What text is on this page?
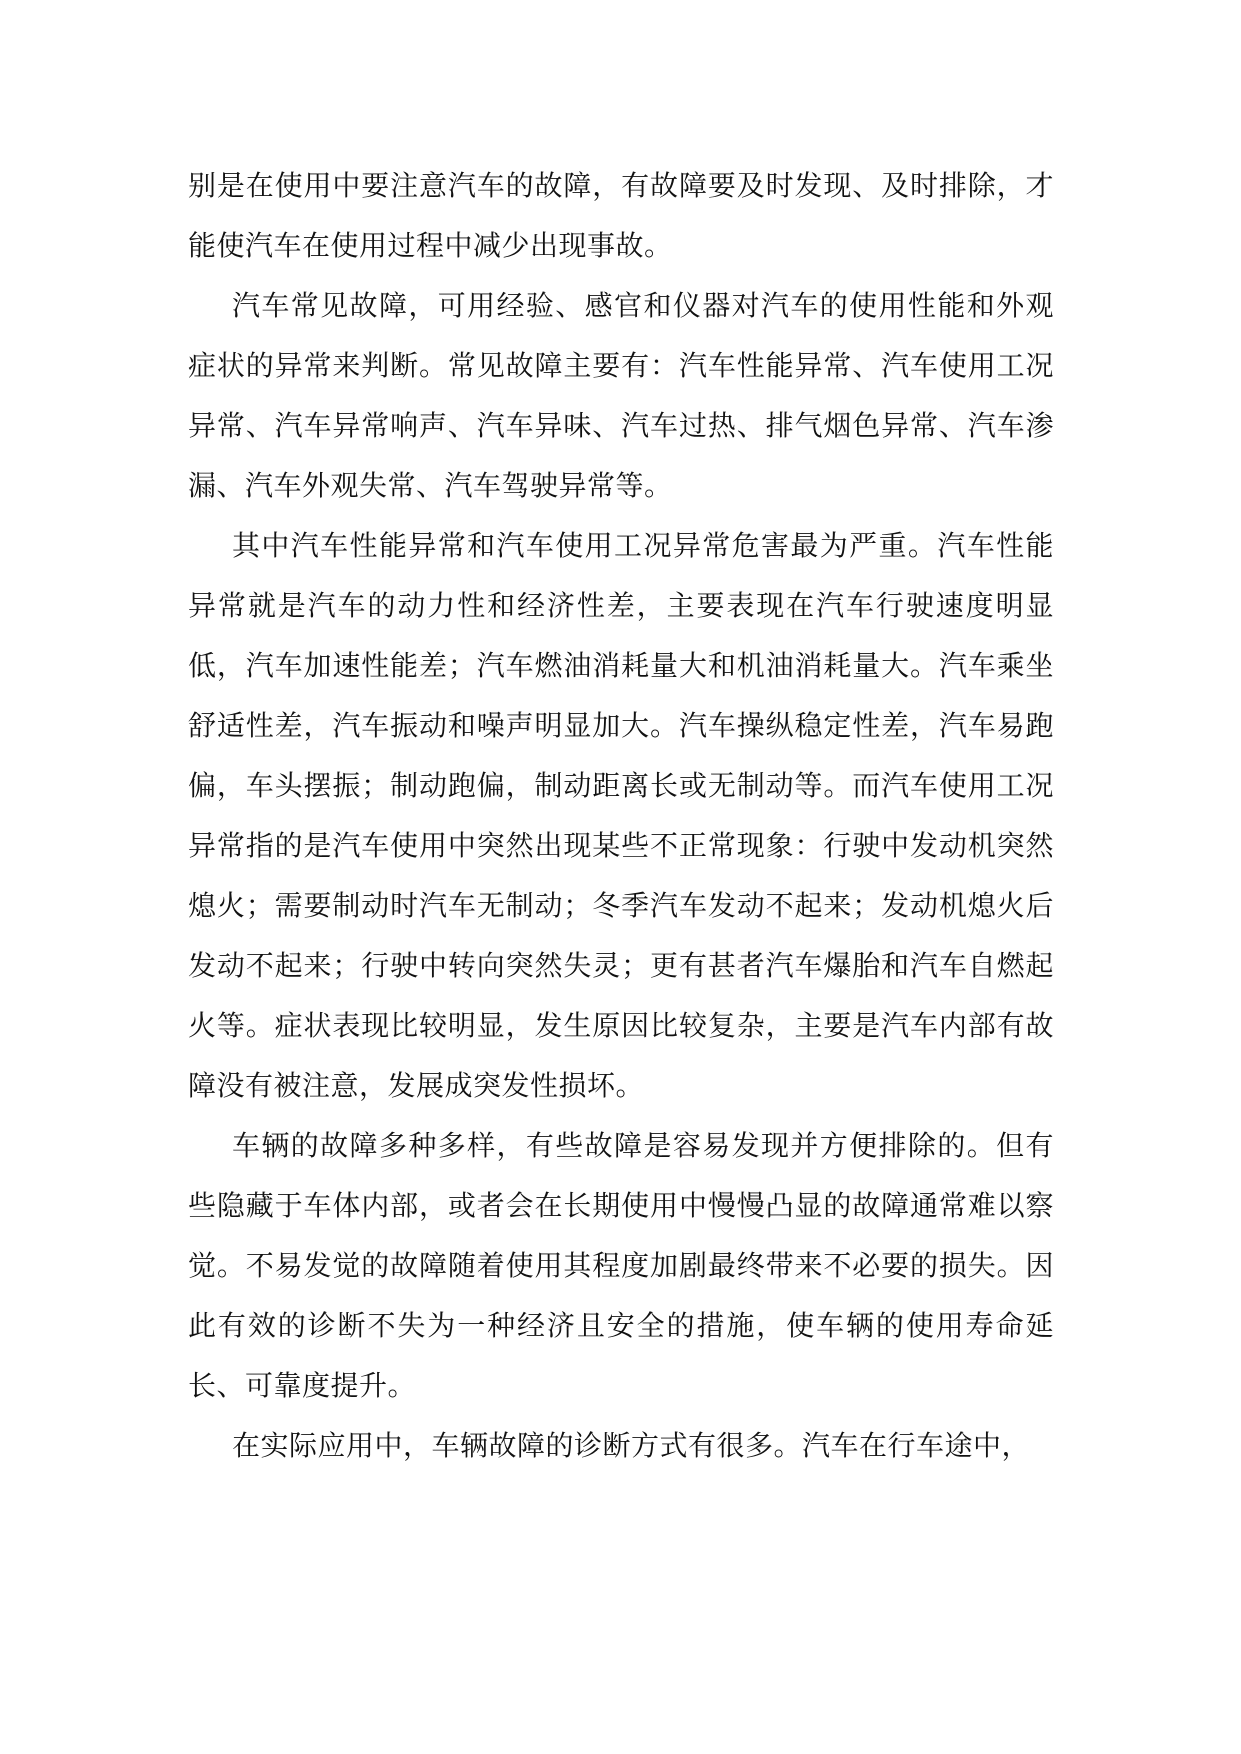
别是在使用中要注意汽车的故障，有故障要及时发现、及时排除，才能使汽车在使用过程中减少出现事故。

汽车常见故障，可用经验、感官和仪器对汽车的使用性能和外观症状的异常来判断。常见故障主要有：汽车性能异常、汽车使用工况异常、汽车异常响声、汽车异味、汽车过热、排气烟色异常、汽车渗漏、汽车外观失常、汽车驾驶异常等。

其中汽车性能异常和汽车使用工况异常危害最为严重。汽车性能异常就是汽车的动力性和经济性差，主要表现在汽车行驶速度明显低，汽车加速性能差；汽车燃油消耗量大和机油消耗量大。汽车乘坐舒适性差，汽车振动和噪声明显加大。汽车操纵稳定性差，汽车易跑偏，车头摆振；制动跑偏，制动距离长或无制动等。而汽车使用工况异常指的是汽车使用中突然出现某些不正常现象：行驶中发动机突然熄火；需要制动时汽车无制动；冬季汽车发动不起来；发动机熄火后发动不起来；行驶中转向突然失灵；更有甚者汽车爆胎和汽车自燃起火等。症状表现比较明显，发生原因比较复杂，主要是汽车内部有故障没有被注意，发展成突发性损坏。

车辆的故障多种多样，有些故障是容易发现并方便排除的。但有些隐藏于车体内部，或者会在长期使用中慢慢凸显的故障通常难以察觉。不易发觉的故障随着使用其程度加剧最终带来不必要的损失。因此有效的诊断不失为一种经济且安全的措施，使车辆的使用寿命延长、可靠度提升。

在实际应用中，车辆故障的诊断方式有很多。汽车在行车途中，
